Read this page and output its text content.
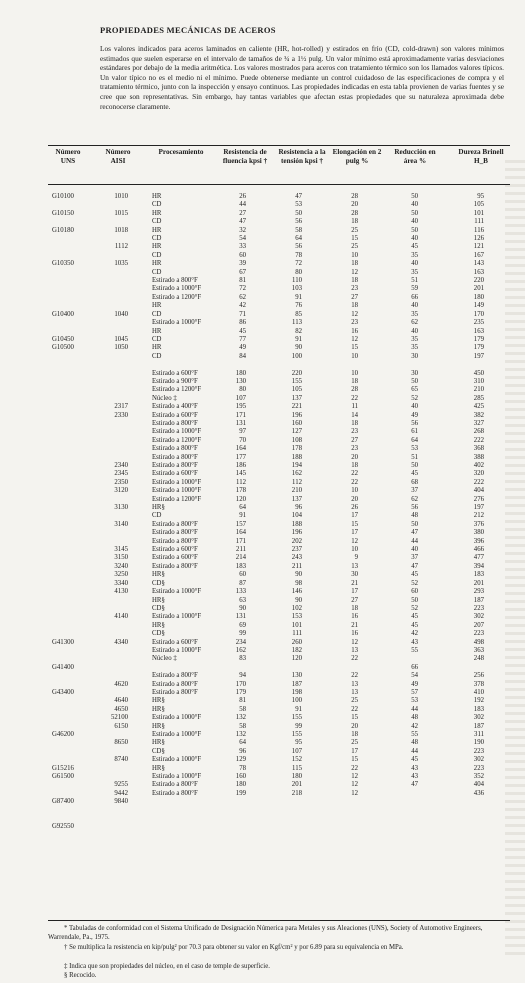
PROPIEDADES MECÁNICAS DE ACEROS
Los valores indicados para aceros laminados en caliente (HR, hot-rolled) y estirados en frío (CD, cold-drawn) son valores mínimos estimados que suelen esperarse en el intervalo de tamaños de ¾ a 1½ pulg. Un valor mínimo está aproximadamente varias desviaciones estándares por debajo de la media aritmética. Los valores mostrados para aceros con tratamiento térmico son los llamados valores típicos. Un valor típico no es el medio ni el mínimo. Puede obtenerse mediante un control cuidadoso de las especificaciones de compra y el tratamiento térmico, junto con la inspección y ensayo continuos. Las propiedades indicadas en esta tabla provienen de varias fuentes y se cree que son representativas. Sin embargo, hay tantas variables que afectan estas propiedades que su naturaleza aproximada debe reconocerse claramente.
Número UNS
Número AISI
Procesamiento	Resistencia de fluencia kpsi †
Resistencia a la tensión kpsi †
Elongación en 2 pulg %
Reducción en área %
Dureza Brinell H_B
G10100

G10150

G10180

G10350

G10400

G10450
G10500

G41300

G41400

G43400

G46200

G15216
G61500

G87400

G92550
1010

1015

1018

1112

1035

1040

1045
1050

2317
2330

2340
2345
2350
3120

3130

3140

3145
3150
3240
3250
3340
4130

4140

4340

4620

4640
4650
52100
6150

8650

8740

9255
9442
9840
HR
CD
HR
CD
HR
CD
HR
CD
HR
CD
Estirado a 800°F
Estirado a 1000°F
Estirado a 1200°F
HR
CD
Estirado a 1000°F
HR
CD
HR
CD

Estirado a 600°F
Estirado a 900°F
Estirado a 1200°F
Núcleo ‡
Estirado a 400°F
Estirado a 600°F
Estirado a 800°F
Estirado a 1000°F
Estirado a 1200°F
Estirado a 800°F
Estirado a 800°F
Estirado a 800°F
Estirado a 600°F
Estirado a 1000°F
Estirado a 1000°F
Estirado a 1200°F
HR§
CD
Estirado a 800°F
Estirado a 800°F
Estirado a 800°F
Estirado a 600°F
Estirado a 600°F
Estirado a 800°F
HR§
CD§
Estirado a 1000°F
HR§
CD§
Estirado a 1000°F
HR§
CD§
Estirado a 600°F
Estirado a 1000°F
Núcleo ‡

Estirado a 800°F
Estirado a 800°F
Estirado a 800°F
HR§
HR§
Estirado a 1000°F
HR§
Estirado a 1000°F
HR§
CD§
Estirado a 1000°F
HR§
Estirado a 1000°F
Estirado a 800°F
Estirado a 800°F
26
44
27
47
32
54
33
60
39
67
81
72
62
42
71
86
45
77
49
84

180
130
80
107
195
171
131
97
70
164
177
186
145
112
178
120
64
91
157
164
171
211
214
183
60
87
133
63
90
131
69
99
234
162
83

94
170
179
81
58
132
58
132
64
96
129
78
160
180
199
47
53
50
56
58
64
56
78
72
80
110
103
91
76
85
113
82
91
90
100

220
155
105
137
221
196
160
127
108
178
188
194
162
112
210
137
96
104
188
196
202
237
243
211
90
98
146
90
102
153
101
111
260
182
120

130
187
198
100
91
155
99
155
95
107
152
115
180
201
218
28
20
28
18
25
15
25
10
18
12
18
23
27
18
12
23
16
12
15
10

10
18
28
22
11
14
18
23
27
23
20
18
22
22
10
20
26
17
15
17
12
10
9
13
30
21
17
27
18
16
21
16
12
13
22

22
13
13
25
22
15
20
18
25
17
15
22
12
12
12
50
40
50
40
50
40
45
35
40
35
51
59
66
40
35
62
40
35
35
30

30
50
65
52
40
49
56
61
64
53
51
50
45
68
37
62
56
48
50
47
44
40
37
47
45
52
60
50
52
45
45
42
43
55

66
54
49
57
53
44
48
42
55
48
44
45
43
43
47
95
105
101
111
116
126
121
167
143
163
220
201
180
149
170
235
163
179
179
197

450
310
210
285
425
382
327
268
222
368
388
402
320
222
404
276
197
212
376
380
396
466
477
394
183
201
293
187
223
302
207
223
498
363
248

256
378
410
192
183
302
187
311
190
223
302
223
352
404
436
* Tabuladas de conformidad con el Sistema Unificado de Designación Númerica para Metales y sus Aleaciones (UNS), Society of Automotive Engineers, Warrendale, Pa., 1975.
† Se multiplica la resistencia en kip/pulg² por 70.3 para obtener su valor en Kgf/cm² y por 6.89 para su equivalencia en MPa.
‡ Indica que son propiedades del núcleo, en el caso de temple de superficie.
§ Recocido.
